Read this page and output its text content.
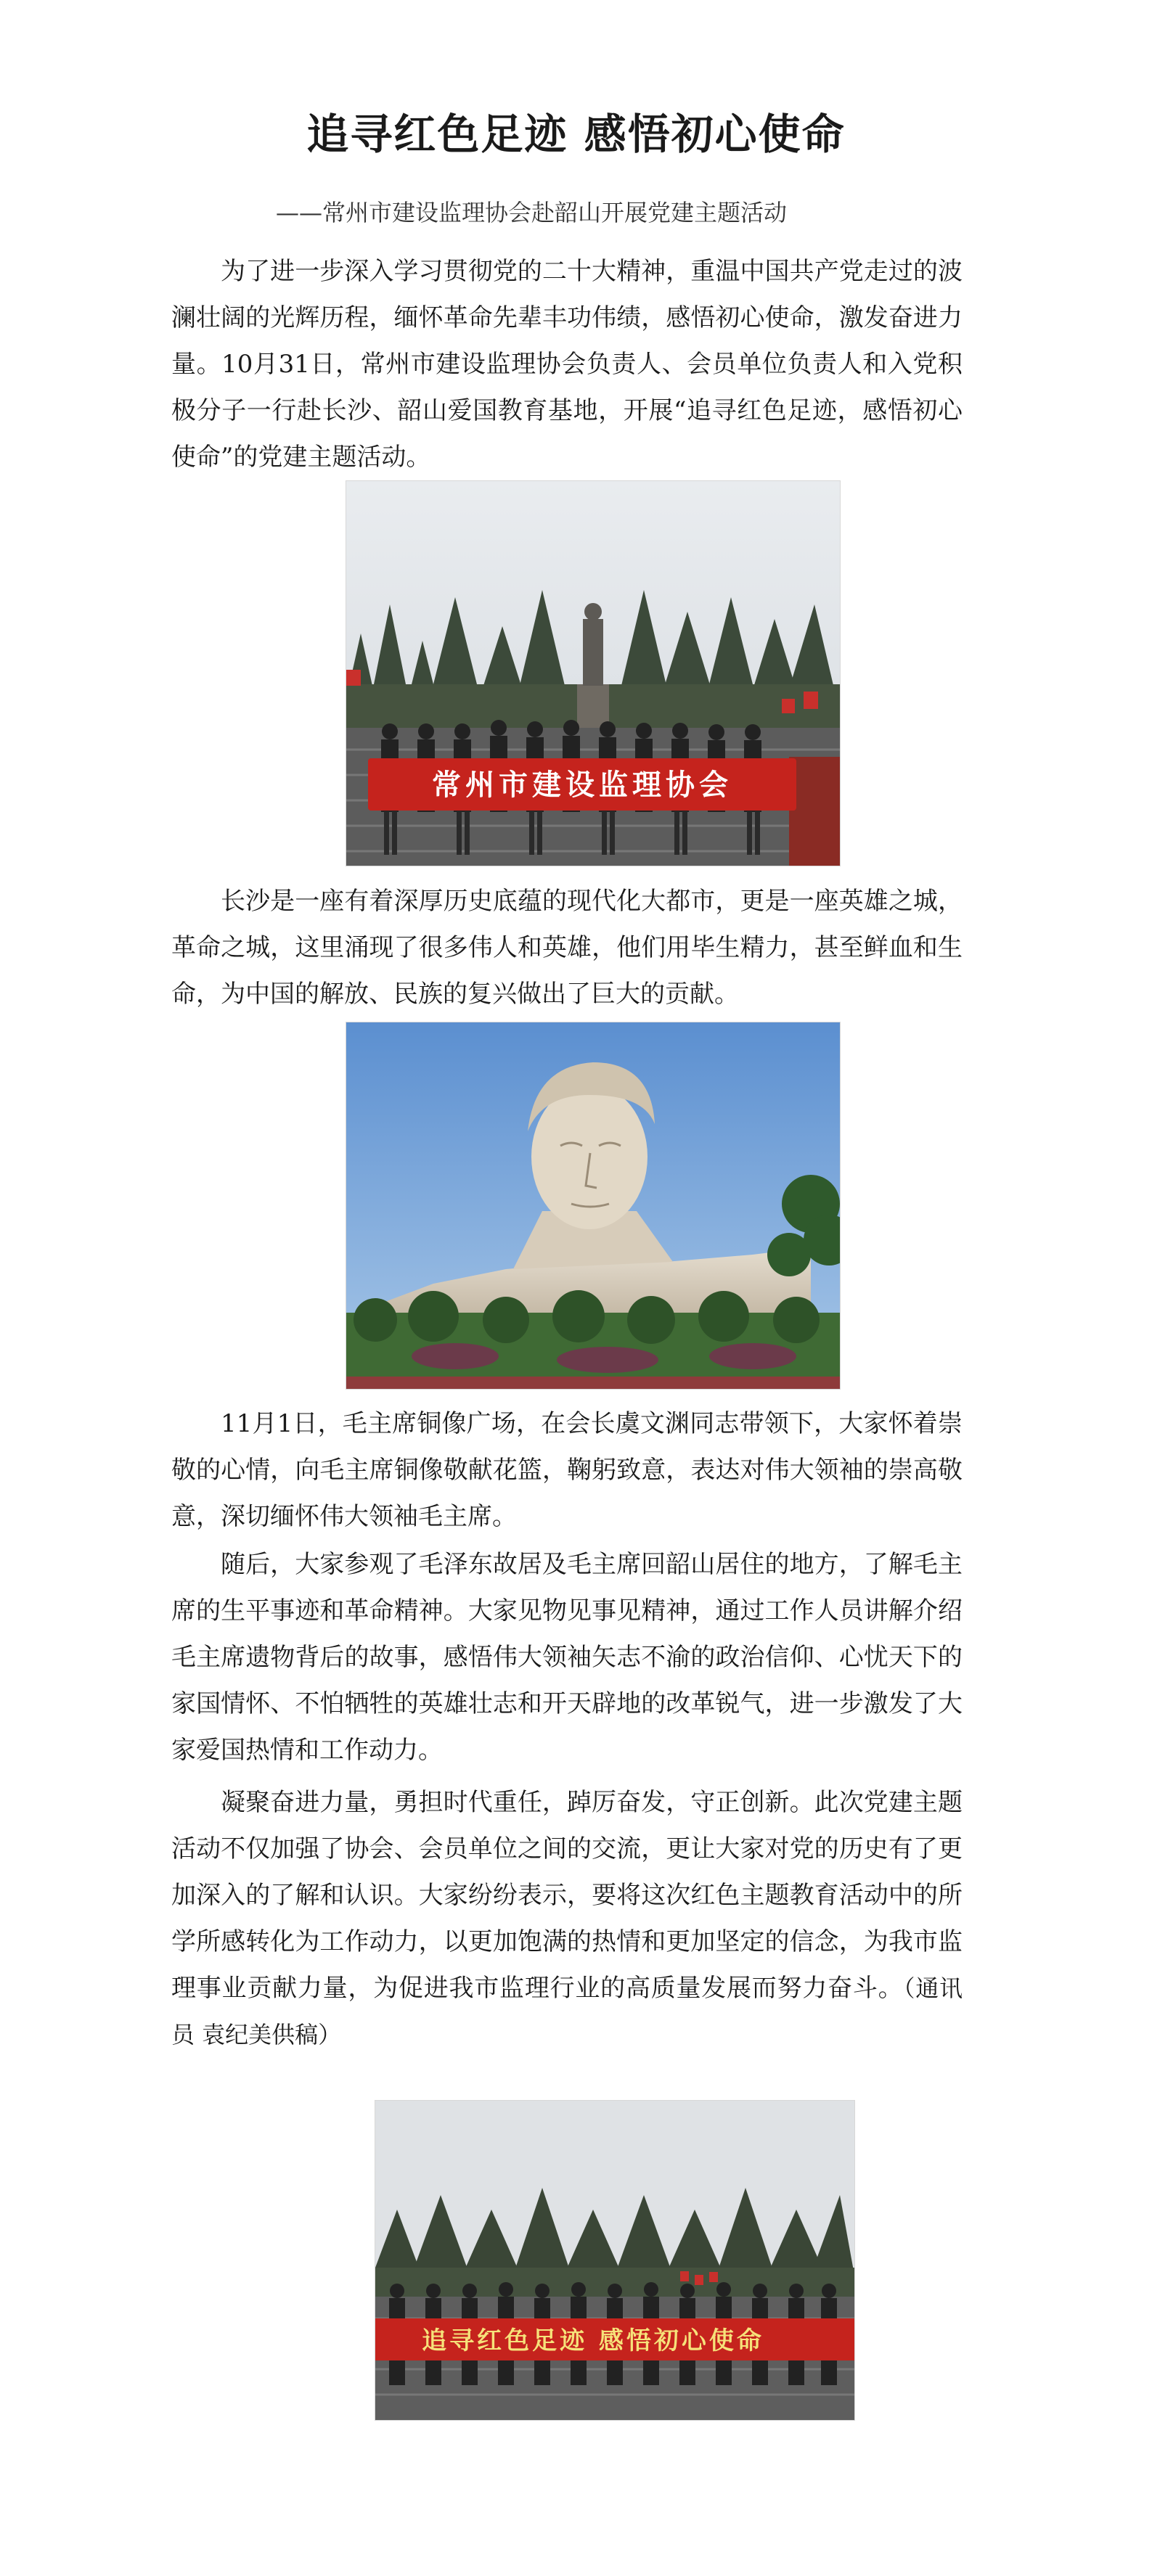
追寻红色足迹 感悟初心使命
——常州市建设监理协会赴韶山开展党建主题活动

为了进一步深入学习贯彻党的二十大精神，重温中国共产党走过的波澜壮阔的光辉历程，缅怀革命先辈丰功伟绩，感悟初心使命，激发奋进力量。10月31日，常州市建设监理协会负责人、会员单位负责人和入党积极分子一行赴长沙、韶山爱国教育基地，开展“追寻红色足迹，感悟初心使命”的党建主题活动。

常州市建设监理协会

长沙是一座有着深厚历史底蕴的现代化大都市，更是一座英雄之城，革命之城，这里涌现了很多伟人和英雄，他们用毕生精力，甚至鲜血和生命，为中国的解放、民族的复兴做出了巨大的贡献。

11月1日，毛主席铜像广场，在会长虞文渊同志带领下，大家怀着崇敬的心情，向毛主席铜像敬献花篮，鞠躬致意，表达对伟大领袖的崇高敬意，深切缅怀伟大领袖毛主席。

随后，大家参观了毛泽东故居及毛主席回韶山居住的地方，了解毛主席的生平事迹和革命精神。大家见物见事见精神，通过工作人员讲解介绍毛主席遗物背后的故事，感悟伟大领袖矢志不渝的政治信仰、心忧天下的家国情怀、不怕牺牲的英雄壮志和开天辟地的改革锐气，进一步激发了大家爱国热情和工作动力。

凝聚奋进力量，勇担时代重任，踔厉奋发，守正创新。此次党建主题活动不仅加强了协会、会员单位之间的交流，更让大家对党的历史有了更加深入的了解和认识。大家纷纷表示，要将这次红色主题教育活动中的所学所感转化为工作动力，以更加饱满的热情和更加坚定的信念，为我市监理事业贡献力量，为促进我市监理行业的高质量发展而努力奋斗。（通讯员 袁纪美供稿）

追寻红色足迹 感悟初心使命
